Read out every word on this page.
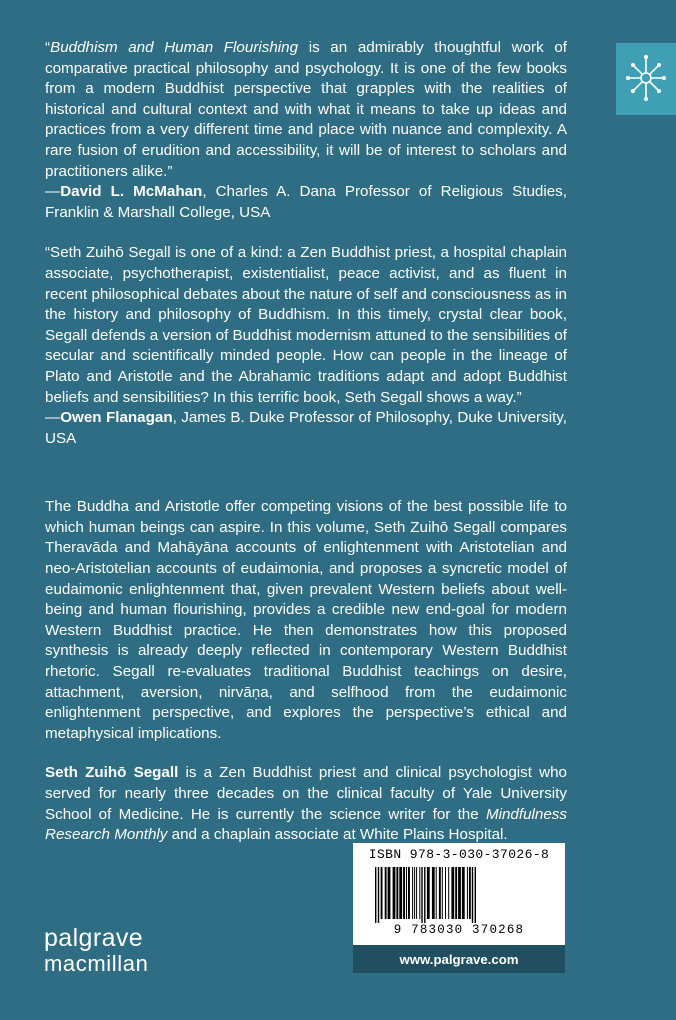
“Buddhism and Human Flourishing is an admirably thoughtful work of comparative practical philosophy and psychology. It is one of the few books from a modern Buddhist perspective that grapples with the realities of historical and cultural context and with what it means to take up ideas and practices from a very different time and place with nuance and complexity. A rare fusion of erudition and accessibility, it will be of interest to scholars and practitioners alike.”

—David L. McMahan, Charles A. Dana Professor of Religious Studies, Franklin & Marshall College, USA

“Seth Zuihō Segall is one of a kind: a Zen Buddhist priest, a hospital chaplain associate, psychotherapist, existentialist, peace activist, and as fluent in recent philosophical debates about the nature of self and consciousness as in the history and philosophy of Buddhism. In this timely, crystal clear book, Segall defends a version of Buddhist modernism attuned to the sensibilities of secular and scientifically minded people. How can people in the lineage of Plato and Aristotle and the Abrahamic traditions adapt and adopt Buddhist beliefs and sensibilities? In this terrific book, Seth Segall shows a way.”

—Owen Flanagan, James B. Duke Professor of Philosophy, Duke University, USA

The Buddha and Aristotle offer competing visions of the best possible life to which human beings can aspire. In this volume, Seth Zuihō Segall compares Theravāda and Mahāyāna accounts of enlightenment with Aristotelian and neo-Aristotelian accounts of eudaimonia, and proposes a syncretic model of eudaimonic enlightenment that, given prevalent Western beliefs about well-being and human flourishing, provides a credible new end-goal for modern Western Buddhist practice. He then demonstrates how this proposed synthesis is already deeply reflected in contemporary Western Buddhist rhetoric. Segall re-evaluates traditional Buddhist teachings on desire, attachment, aversion, nirvāṇa, and selfhood from the eudaimonic enlightenment perspective, and explores the perspective’s ethical and metaphysical implications.

Seth Zuihō Segall is a Zen Buddhist priest and clinical psychologist who served for nearly three decades on the clinical faculty of Yale University School of Medicine. He is currently the science writer for the Mindfulness Research Monthly and a chaplain associate at White Plains Hospital.

ISBN 978-3-030-37026-8
9 783030 370268
www.palgrave.com
palgrave
macmillan
